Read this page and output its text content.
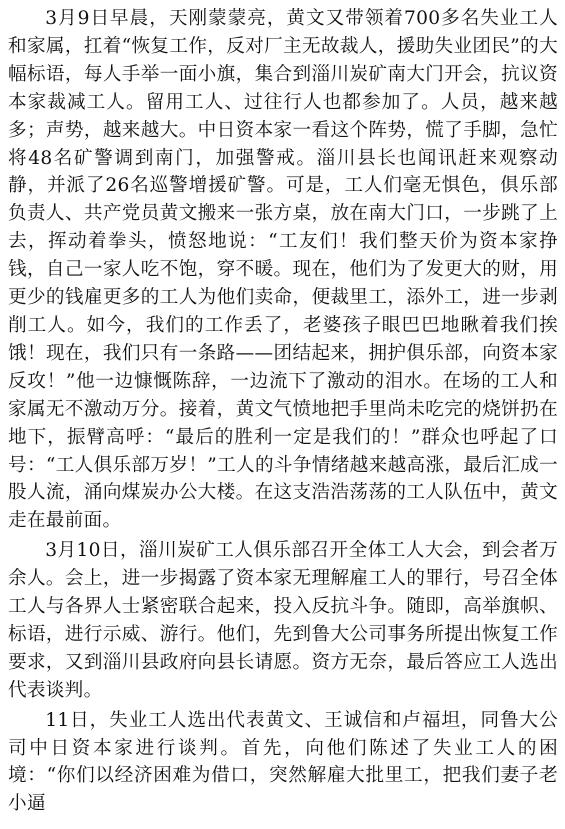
3月9日早晨，天刚蒙蒙亮，黄文又带领着700多名失业工人和家属，扛着“恢复工作，反对厂主无故裁人，援助失业团民”的大幅标语，每人手举一面小旗，集合到淄川炭矿南大门开会，抗议资本家裁减工人。留用工人、过往行人也都参加了。人员，越来越多；声势，越来越大。中日资本家一看这个阵势，慌了手脚，急忙将48名矿警调到南门，加强警戒。淄川县长也闻讯赶来观察动静，并派了26名巡警增援矿警。可是，工人们毫无惧色，俱乐部负责人、共产党员黄文搬来一张方桌，放在南大门口，一步跳了上去，挥动着拳头，愤怒地说：“工友们！我们整天价为资本家挣钱，自己一家人吃不饱，穿不暖。现在，他们为了发更大的财，用更少的钱雇更多的工人为他们卖命，便裁里工，添外工，进一步剥削工人。如今，我们的工作丢了，老婆孩子眼巴巴地瞅着我们挨饿！现在，我们只有一条路——团结起来，拥护俱乐部，向资本家反攻！”他一边慷慨陈辞，一边流下了激动的泪水。在场的工人和家属无不激动万分。接着，黄文气愤地把手里尚未吃完的烧饼扔在地下，振臂高呼：“最后的胜利一定是我们的！”群众也呼起了口号：“工人俱乐部万岁！”工人的斗争情绪越来越高涨，最后汇成一股人流，涌向煤炭办公大楼。在这支浩浩荡荡的工人队伍中，黄文走在最前面。

3月10日，淄川炭矿工人俱乐部召开全体工人大会，到会者万余人。会上，进一步揭露了资本家无理解雇工人的罪行，号召全体工人与各界人士紧密联合起来，投入反抗斗争。随即，高举旗帜、标语，进行示威、游行。他们，先到鲁大公司事务所提出恢复工作要求，又到淄川县政府向县长请愿。资方无奈，最后答应工人选出代表谈判。

11日，失业工人选出代表黄文、王诚信和卢福坦，同鲁大公司中日资本家进行谈判。首先，向他们陈述了失业工人的困境：“你们以经济困难为借口，突然解雇大批里工，把我们妻子老小逼
